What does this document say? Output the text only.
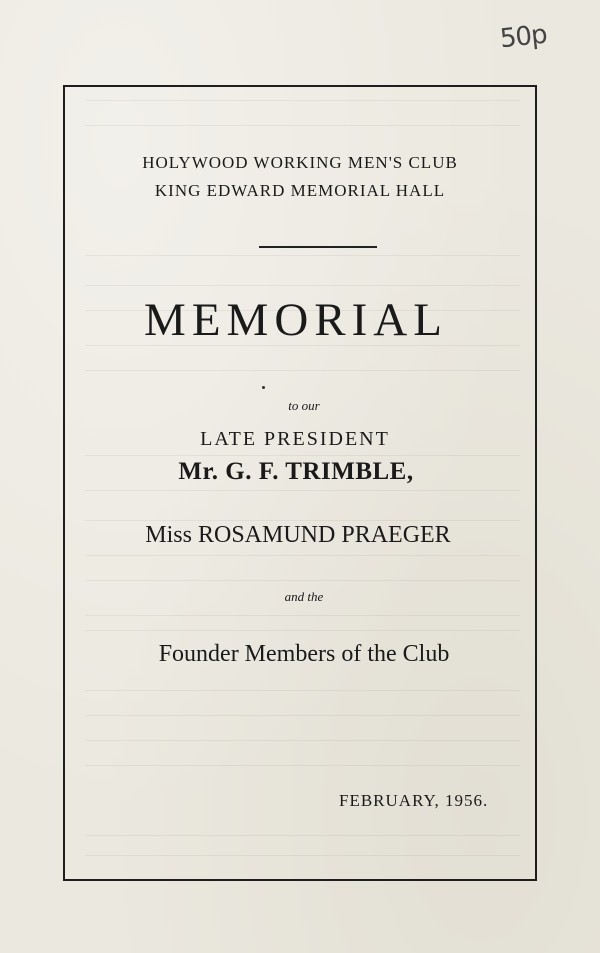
50p
HOLYWOOD WORKING MEN'S CLUB
KING EDWARD MEMORIAL HALL
MEMORIAL
to our
LATE PRESIDENT
Mr. G. F. TRIMBLE,
Miss ROSAMUND PRAEGER
and the
Founder Members of the Club
FEBRUARY, 1956.
